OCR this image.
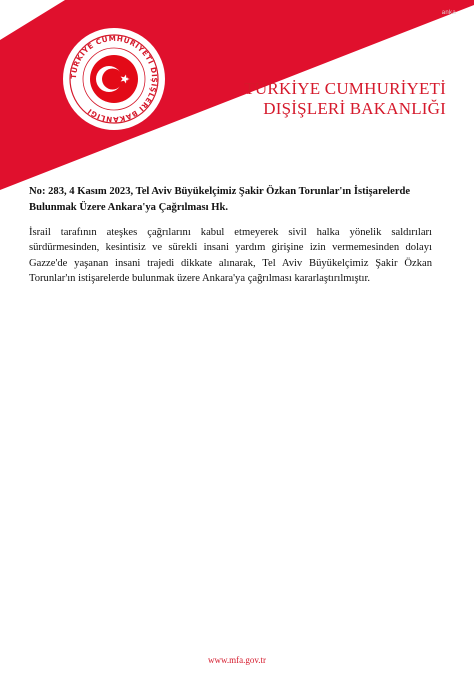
anka
TÜRKİYE CUMHURİYETİ DIŞİŞLERİ BAKANLIĞI
TÜRKİYE CUMHURİYETİ
DIŞİŞLERİ BAKANLIĞI

No: 283, 4 Kasım 2023, Tel Aviv Büyükelçimiz Şakir Özkan Torunlar'ın İstişarelerde Bulunmak Üzere Ankara'ya Çağrılması Hk.

İsrail tarafının ateşkes çağrılarını kabul etmeyerek sivil halka yönelik saldırıları sürdürmesinden, kesintisiz ve sürekli insani yardım girişine izin vermemesinden dolayı Gazze'de yaşanan insani trajedi dikkate alınarak, Tel Aviv Büyükelçimiz Şakir Özkan Torunlar'ın istişarelerde bulunmak üzere Ankara'ya çağrılması kararlaştırılmıştır.

www.mfa.gov.tr
